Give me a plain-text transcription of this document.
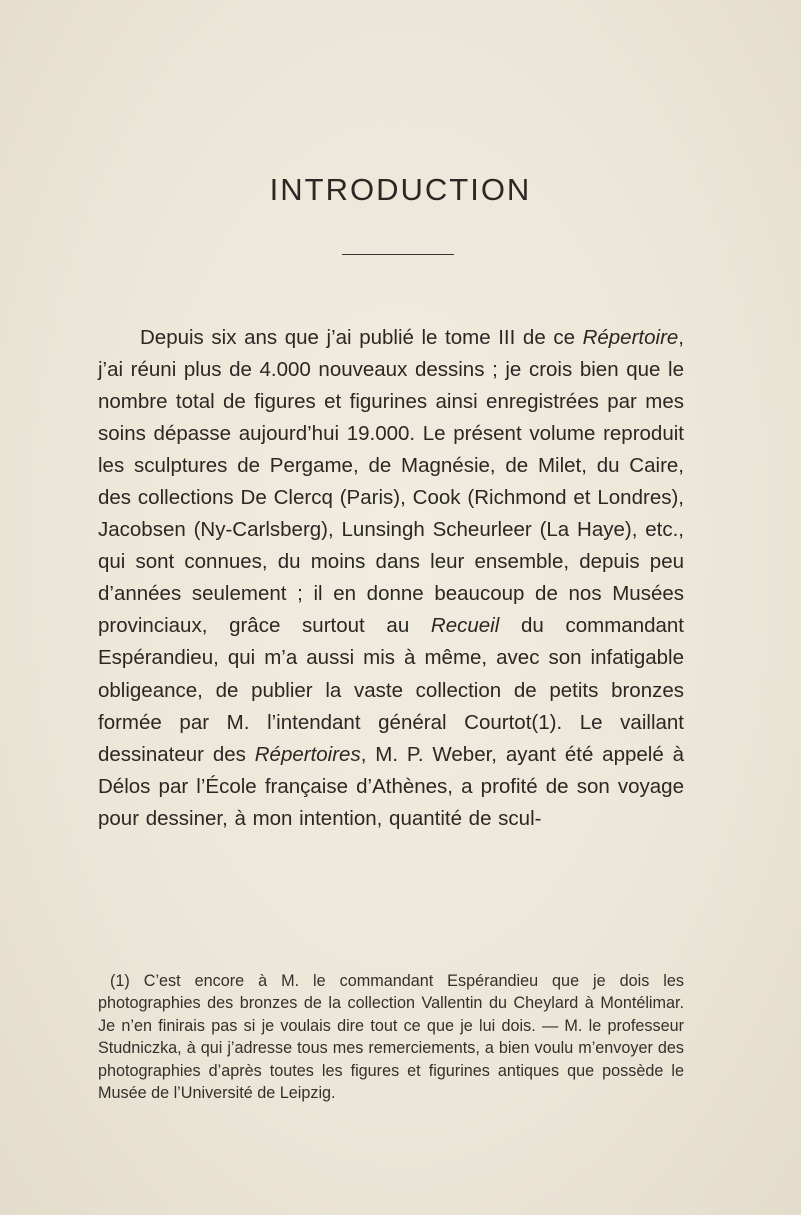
INTRODUCTION

Depuis six ans que j’ai publié le tome III de ce Répertoire, j’ai réuni plus de 4.000 nouveaux dessins ; je crois bien que le nombre total de figures et figurines ainsi enregistrées par mes soins dépasse aujourd’hui 19.000. Le présent volume reproduit les sculptures de Pergame, de Magnésie, de Milet, du Caire, des collections De Clercq (Paris), Cook (Richmond et Londres), Jacobsen (Ny-Carlsberg), Lunsingh Scheurleer (La Haye), etc., qui sont connues, du moins dans leur ensemble, depuis peu d’années seulement ; il en donne beaucoup de nos Musées provinciaux, grâce surtout au Recueil du commandant Espérandieu, qui m’a aussi mis à même, avec son infatigable obligeance, de publier la vaste collection de petits bronzes formée par M. l’intendant général Courtot(1). Le vaillant dessinateur des Répertoires, M. P. Weber, ayant été appelé à Délos par l’École française d’Athènes, a profité de son voyage pour dessiner, à mon intention, quantité de scul-

(1) C’est encore à M. le commandant Espérandieu que je dois les photographies des bronzes de la collection Vallentin du Cheylard à Montélimar. Je n’en finirais pas si je voulais dire tout ce que je lui dois. — M. le professeur Studniczka, à qui j’adresse tous mes remerciements, a bien voulu m’envoyer des photographies d’après toutes les figures et figurines antiques que possède le Musée de l’Université de Leipzig.
